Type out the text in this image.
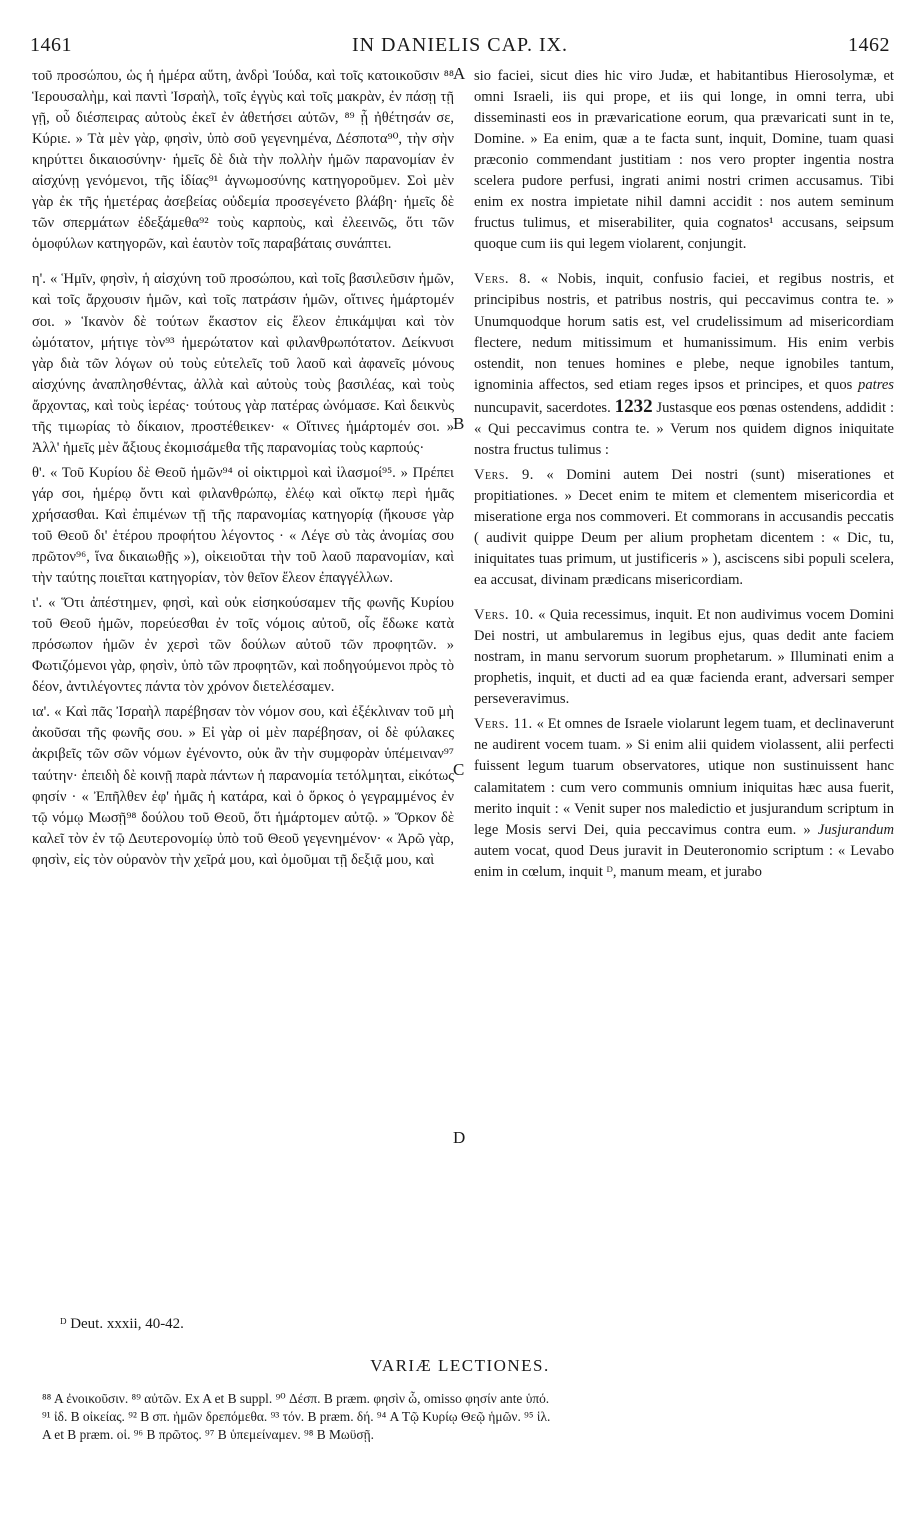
1461	IN DANIELIS CAP. IX.	1462

τοῦ προσώπου, ὡς ἡ ἡμέρα αὕτη, ἀνδρὶ Ἰούδα, καὶ τοῖς κατοικοῦσιν ⁸⁸ Ἱερουσαλὴμ, καὶ παντὶ Ἰσραὴλ, τοῖς ἐγγὺς καὶ τοῖς μακρὰν, ἐν πάσῃ τῇ γῇ, οὗ διέσπειρας αὐτοὺς ἐκεῖ ἐν ἀθετήσει αὐτῶν, ⁸⁹ ᾗ ἠθέτησάν σε, Κύριε. » Τὰ μὲν γὰρ, φησὶν, ὑπὸ σοῦ γεγενημένα, Δέσποτα⁹⁰, τὴν σὴν κηρύττει δικαιοσύνην· ἡμεῖς δὲ διὰ τὴν πολλὴν ἡμῶν παρανομίαν ἐν αἰσχύνῃ γενόμενοι, τῆς ἰδίας⁹¹ ἀγνωμοσύνης κατηγοροῦμεν. Σοὶ μὲν γὰρ ἐκ τῆς ἡμετέρας ἀσεβείας οὐδεμία προσεγένετο βλάβη· ἡμεῖς δὲ τῶν σπερμάτων ἐδεξάμεθα⁹² τοὺς καρποὺς, καὶ ἐλεεινῶς, ὅτι τῶν ὁμοφύλων κατηγορῶν, καὶ ἑαυτὸν τοῖς παραβάταις συνάπτει.

η'. « Ἡμῖν, φησὶν, ἡ αἰσχύνη τοῦ προσώπου, καὶ τοῖς βασιλεῦσιν ἡμῶν, καὶ τοῖς ἄρχουσιν ἡμῶν, καὶ τοῖς πατράσιν ἡμῶν, οἵτινες ἡμάρτομέν σοι. » Ἱκανὸν δὲ τούτων ἕκαστον εἰς ἔλεον ἐπικάμψαι καὶ τὸν ὠμότατον, μήτιγε τὸν⁹³ ἡμερώτατον καὶ φιλανθρωπότατον. Δείκνυσι γὰρ διὰ τῶν λόγων οὐ τοὺς εὐτελεῖς τοῦ λαοῦ καὶ ἀφανεῖς μόνους αἰσχύνης ἀναπλησθέντας, ἀλλὰ καὶ αὐτοὺς τοὺς βασιλέας, καὶ τοὺς ἄρχοντας, καὶ τοὺς ἱερέας· τούτους γὰρ πατέρας ὠνόμασε. Καὶ δεικνὺς τῆς τιμωρίας τὸ δίκαιον, προστέθεικεν· « Οἵτινες ἡμάρτομέν σοι. » Ἀλλ' ἡμεῖς μὲν ἄξιους ἐκομισάμεθα τῆς παρανομίας τοὺς καρπούς·

θ'. « Τοῦ Κυρίου δὲ Θεοῦ ἡμῶν⁹⁴ οἱ οἰκτιρμοὶ καὶ ἱλασμοί⁹⁵. » Πρέπει γάρ σοι, ἡμέρῳ ὄντι καὶ φιλανθρώπῳ, ἐλέῳ καὶ οἴκτῳ περὶ ἡμᾶς χρήσασθαι. Καὶ ἐπιμένων τῇ τῆς παρανομίας κατηγορίᾳ (ἤκουσε γὰρ τοῦ Θεοῦ δι' ἑτέρου προφήτου λέγοντος · « Λέγε σὺ τὰς ἀνομίας σου πρῶτον⁹⁶, ἵνα δικαιωθῇς »), οἰκειοῦται τὴν τοῦ λαοῦ παρανομίαν, καὶ τὴν ταύτης ποιεῖται κατηγορίαν, τὸν θεῖον ἔλεον ἐπαγγέλλων.

ι'. « Ὅτι ἀπέστημεν, φησὶ, καὶ οὐκ εἰσηκούσαμεν τῆς φωνῆς Κυρίου τοῦ Θεοῦ ἡμῶν, πορεύεσθαι ἐν τοῖς νόμοις αὐτοῦ, οἷς ἔδωκε κατὰ πρόσωπον ἡμῶν ἐν χερσὶ τῶν δούλων αὐτοῦ τῶν προφητῶν. » Φωτιζόμενοι γὰρ, φησὶν, ὑπὸ τῶν προφητῶν, καὶ ποδηγούμενοι πρὸς τὸ δέον, ἀντιλέγοντες πάντα τὸν χρόνον διετελέσαμεν.

ια'. « Καὶ πᾶς Ἰσραὴλ παρέβησαν τὸν νόμον σου, καὶ ἐξέκλιναν τοῦ μὴ ἀκοῦσαι τῆς φωνῆς σου. » Εἰ γὰρ οἱ μὲν παρέβησαν, οἱ δὲ φύλακες ἀκριβεῖς τῶν σῶν νόμων ἐγένοντο, οὐκ ἂν τὴν συμφορὰν ὑπέμειναν⁹⁷ ταύτην· ἐπειδὴ δὲ κοινῇ παρὰ πάντων ἡ παρανομία τετόλμηται, εἰκότως φησίν · « Ἐπῆλθεν ἐφ' ἡμᾶς ἡ κατάρα, καὶ ὁ ὅρκος ὁ γεγραμμένος ἐν τῷ νόμῳ Μωσῇ⁹⁸ δούλου τοῦ Θεοῦ, ὅτι ἡμάρτομεν αὐτῷ. » Ὅρκον δὲ καλεῖ τὸν ἐν τῷ Δευτερονομίῳ ὑπὸ τοῦ Θεοῦ γεγενημένον· « Ἀρῶ γὰρ, φησὶν, εἰς τὸν οὐρανὸν τὴν χεῖρά μου, καὶ ὀμοῦμαι τῇ δεξιᾷ μου, καὶ

A
B
C
D

sio faciei, sicut dies hic viro Judæ, et habitantibus Hierosolymæ, et omni Israeli, iis qui prope, et iis qui longe, in omni terra, ubi disseminasti eos in prævaricatione eorum, qua prævaricati sunt in te, Domine. » Ea enim, quæ a te facta sunt, inquit, Domine, tuam quasi præconio commendant justitiam : nos vero propter ingentia nostra scelera pudore perfusi, ingrati animi nostri crimen accusamus. Tibi enim ex nostra impietate nihil damni accidit : nos autem seminum fructus tulimus, et miserabiliter, quia cognatos¹ accusans, seipsum quoque cum iis qui legem violarent, conjungit.

Vers. 8. « Nobis, inquit, confusio faciei, et regibus nostris, et principibus nostris, et patribus nostris, qui peccavimus contra te. » Unumquodque horum satis est, vel crudelissimum ad misericordiam flectere, nedum mitissimum et humanissimum. His enim verbis ostendit, non tenues homines e plebe, neque ignobiles tantum, ignominia affectos, sed etiam reges ipsos et principes, et quos patres nuncupavit, sacerdotes. 1232 Justasque eos pœnas ostendens, addidit : « Qui peccavimus contra te. » Verum nos quidem dignos iniquitate nostra fructus tulimus :

Vers. 9. « Domini autem Dei nostri (sunt) miserationes et propitiationes. » Decet enim te mitem et clementem misericordia et miseratione erga nos commoveri. Et commorans in accusandis peccatis ( audivit quippe Deum per alium prophetam dicentem : « Dic, tu, iniquitates tuas primum, ut justificeris » ), asciscens sibi populi scelera, ea accusat, divinam prædicans misericordiam.

Vers. 10. « Quia recessimus, inquit. Et non audivimus vocem Domini Dei nostri, ut ambularemus in legibus ejus, quas dedit ante faciem nostram, in manu servorum suorum prophetarum. » Illuminati enim a prophetis, inquit, et ducti ad ea quæ facienda erant, adversari semper perseveravimus.

Vers. 11. « Et omnes de Israele violarunt legem tuam, et declinaverunt ne audirent vocem tuam. » Si enim alii quidem violassent, alii perfecti fuissent legum tuarum observatores, utique non sustinuissent hanc calamitatem : cum vero communis omnium iniquitas hæc ausa fuerit, merito inquit : « Venit super nos maledictio et jusjurandum scriptum in lege Mosis servi Dei, quia peccavimus contra eum. » Jusjurandum autem vocat, quod Deus juravit in Deuteronomio scriptum : « Levabo enim in cœlum, inquit ᴰ, manum meam, et jurabo

ᴰ Deut. xxxii, 40-42.
VARIÆ LECTIONES.
⁸⁸ A ἐνοικοῦσιν. ⁸⁹ αὐτῶν. Ex A et B suppl. ⁹⁰ Δέσπ. B præm. φησὶν ὦ, omisso φησίν ante ὑπό.
⁹¹ ἰδ. B οἰκείας. ⁹² B σπ. ἡμῶν δρεπόμεθα. ⁹³ τόν. B præm. δή. ⁹⁴ A Τῷ Κυρίῳ Θεῷ ἡμῶν. ⁹⁵ ἱλ.
A et B præm. οἱ. ⁹⁶ B πρῶτος. ⁹⁷ B ὑπεμείναμεν. ⁹⁸ B Μωϋσῇ.
